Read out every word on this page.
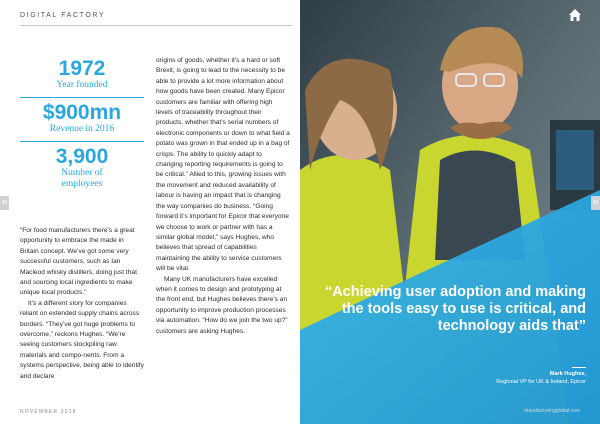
DIGITAL FACTORY
1972
Year founded
$900mn
Revenue in 2016
3,900
Number of
employees
48

“For food manufacturers there’s a great opportunity to embrace the made in Britain concept. We’ve got some very successful customers, such as Ian Macleod whisky distillers, doing just that and sourcing local ingredients to make unique local products.”

It’s a different story for companies reliant on extended supply chains across borders. “They’ve got huge problems to overcome,” reckons Hughes. “We’re seeing customers stockpiling raw materials and compo-nents. From a systems perspective, being able to identify and declare

origins of goods, whether it’s a hard or soft Brexit, is going to lead to the necessity to be able to provide a lot more information about how goods have been created. Many Epicor customers are familiar with offering high levels of traceability throughout their products, whether that’s serial numbers of electronic components or down to what field a potato was grown in that ended up in a bag of crisps. The ability to quickly adapt to changing reporting requirements is going to be critical.” Allied to this, growing issues with the movement and reduced availability of labour is having an impact that is changing the way companies do business. “Going forward it’s important for Epicor that everyone we choose to work or partner with has a similar global model,” says Hughes, who believes that spread of capabilities maintaining the ability to service customers will be vital.

Many UK manufacturers have excelled when it comes to design and prototyping at the front end, but Hughes believes there’s an opportunity to improve production processes via automation. “How do we join the two up?” customers are asking Hughes.

NOVEMBER 2018
49
“Achieving user adoption and making the tools easy to use is critical, and technology aids that”
Mark Hughes,
Regional VP for UK & Ireland, Epicor
manufacturingglobal.com
